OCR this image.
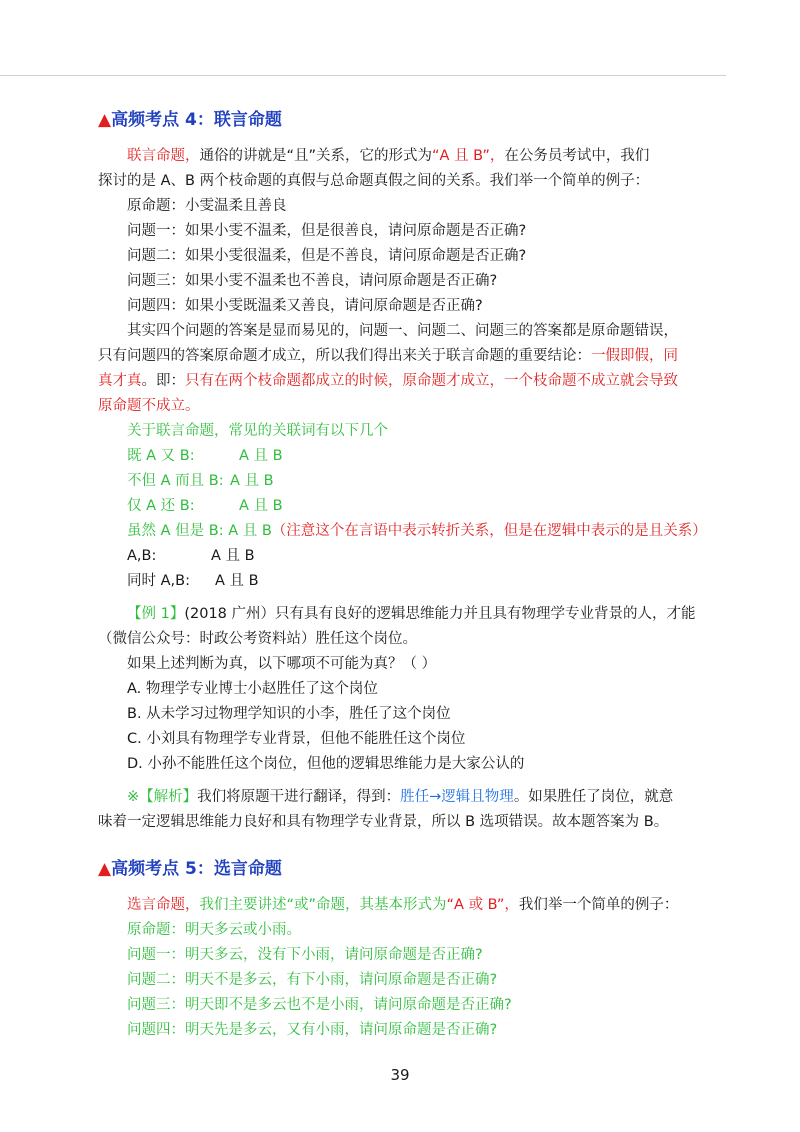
▲高频考点 4：联言命题
联言命题，通俗的讲就是“且”关系，它的形式为“A 且 B”，在公务员考试中，我们
探讨的是 A、B 两个枝命题的真假与总命题真假之间的关系。我们举一个简单的例子：
原命题：小雯温柔且善良
问题一：如果小雯不温柔，但是很善良，请问原命题是否正确?
问题二：如果小雯很温柔，但是不善良，请问原命题是否正确?
问题三：如果小雯不温柔也不善良，请问原命题是否正确?
问题四：如果小雯既温柔又善良，请问原命题是否正确?
其实四个问题的答案是显而易见的，问题一、问题二、问题三的答案都是原命题错误，
只有问题四的答案原命题才成立，所以我们得出来关于联言命题的重要结论：一假即假，同
真才真。即：只有在两个枝命题都成立的时候，原命题才成立，一个枝命题不成立就会导致
原命题不成立。
关于联言命题，常见的关联词有以下几个
既 A 又 B:	A 且 B
不但 A 而且 B: A 且 B
仅 A 还 B:	A 且 B
虽然 A 但是 B: A 且 B（注意这个在言语中表示转折关系，但是在逻辑中表示的是且关系）
A,B:	A 且 B
同时 A,B: A 且 B
【例 1】(2018 广州）只有具有良好的逻辑思维能力并且具有物理学专业背景的人，才能
（微信公众号：时政公考资料站）胜任这个岗位。
如果上述判断为真，以下哪项不可能为真？（ ）
A. 物理学专业博士小赵胜任了这个岗位
B. 从未学习过物理学知识的小李，胜任了这个岗位
C. 小刘具有物理学专业背景，但他不能胜任这个岗位
D. 小孙不能胜任这个岗位，但他的逻辑思维能力是大家公认的
※【解析】我们将原题干进行翻译，得到：胜任→逻辑且物理。如果胜任了岗位，就意
味着一定逻辑思维能力良好和具有物理学专业背景，所以 B 选项错误。故本题答案为 B。
▲高频考点 5：选言命题
选言命题，我们主要讲述“或”命题，其基本形式为“A 或 B”，我们举一个简单的例子：
原命题：明天多云或小雨。
问题一：明天多云，没有下小雨，请问原命题是否正确?
问题二：明天不是多云，有下小雨，请问原命题是否正确?
问题三：明天即不是多云也不是小雨，请问原命题是否正确?
问题四：明天先是多云，又有小雨，请问原命题是否正确?
39
